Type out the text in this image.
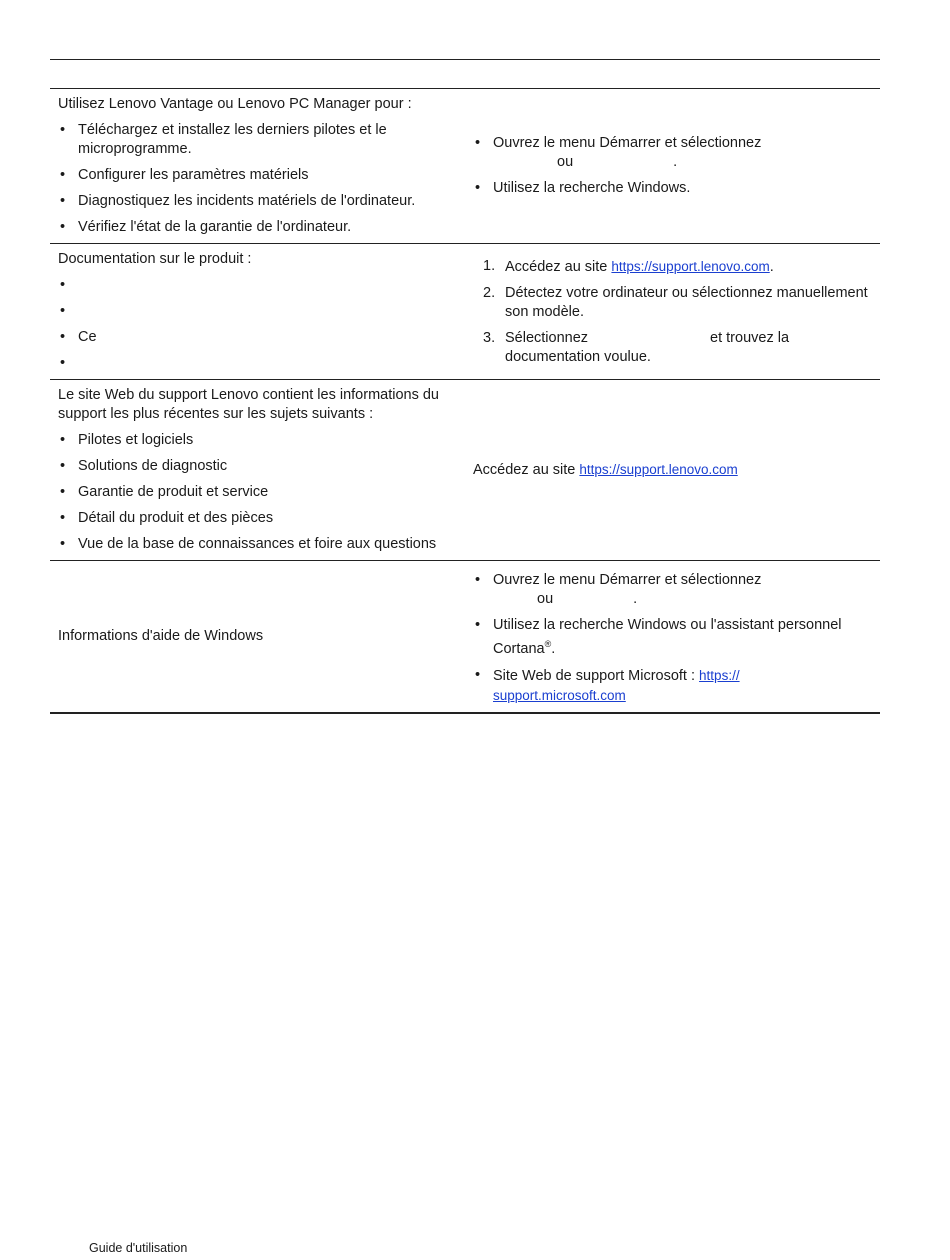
Utilisez Lenovo Vantage ou Lenovo PC Manager pour :

• Téléchargez et installez les derniers pilotes et le microprogramme.
• Configurer les paramètres matériels
• Diagnostiquez les incidents matériels de l'ordinateur.
• Vérifiez l'état de la garantie de l'ordinateur.
• Ouvrez le menu Démarrer et sélectionnez
ou .
• Utilisez la recherche Windows.

Documentation sur le produit :

•
•
• Ce
•
1. Accédez au site https://support.lenovo.com.
2. Détectez votre ordinateur ou sélectionnez manuellement son modèle.
3. Sélectionnez	et trouvez la documentation voulue.

Le site Web du support Lenovo contient les informations du support les plus récentes sur les sujets suivants :

• Pilotes et logiciels
• Solutions de diagnostic
• Garantie de produit et service
• Détail du produit et des pièces
• Vue de la base de connaissances et foire aux questions

Accédez au site https://support.lenovo.com

Informations d'aide de Windows

• Ouvrez le menu Démarrer et sélectionnez
ou .
• Utilisez la recherche Windows ou l'assistant personnel Cortana®.
• Site Web de support Microsoft : https:// support.microsoft.com
Guide d'utilisation
